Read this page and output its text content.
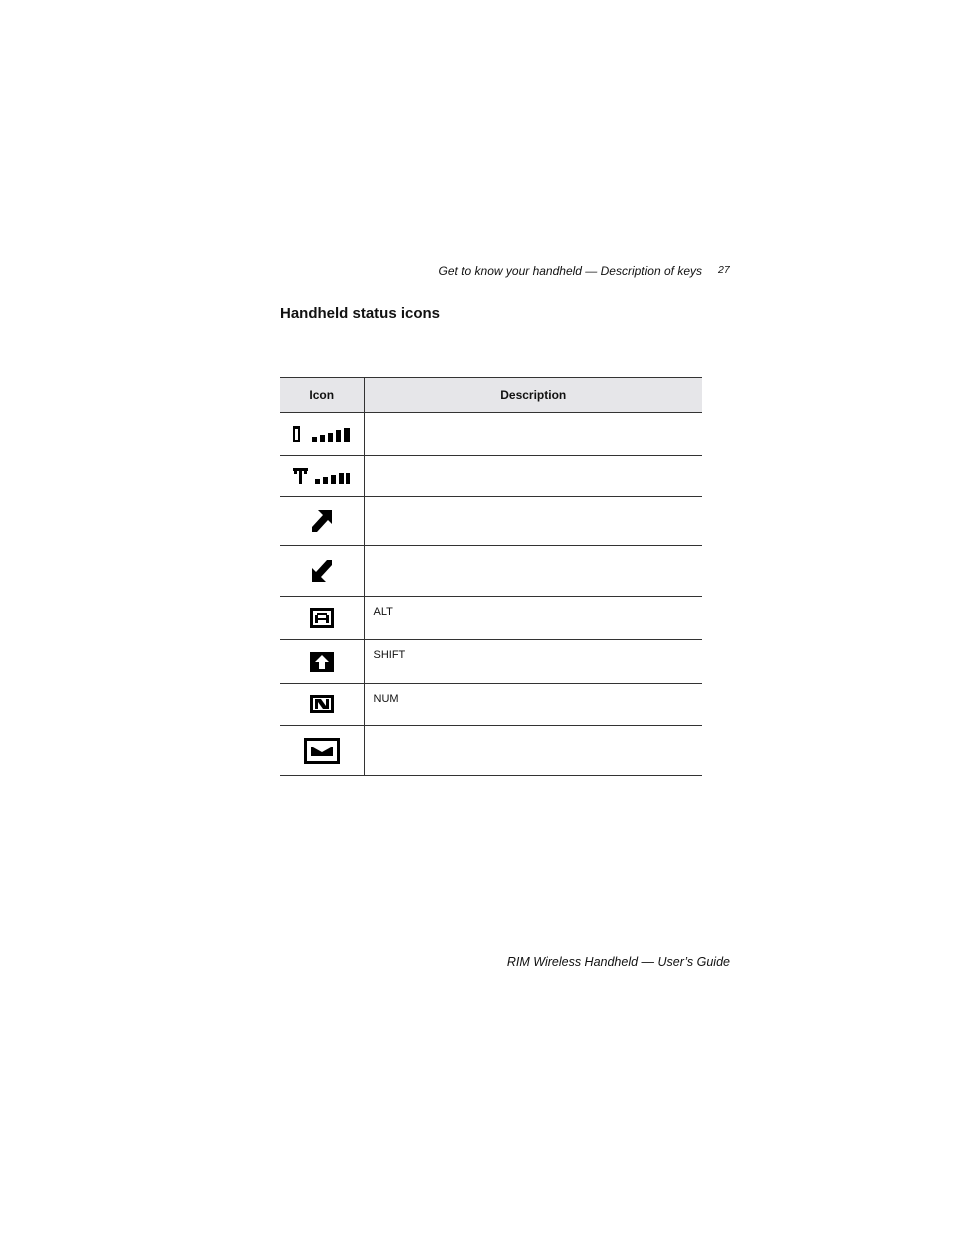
Get to know your handheld — Description of keys 27
Handheld status icons
Icon	Description

	ALT
	SHIFT
	NUM

RIM Wireless Handheld — User’s Guide
